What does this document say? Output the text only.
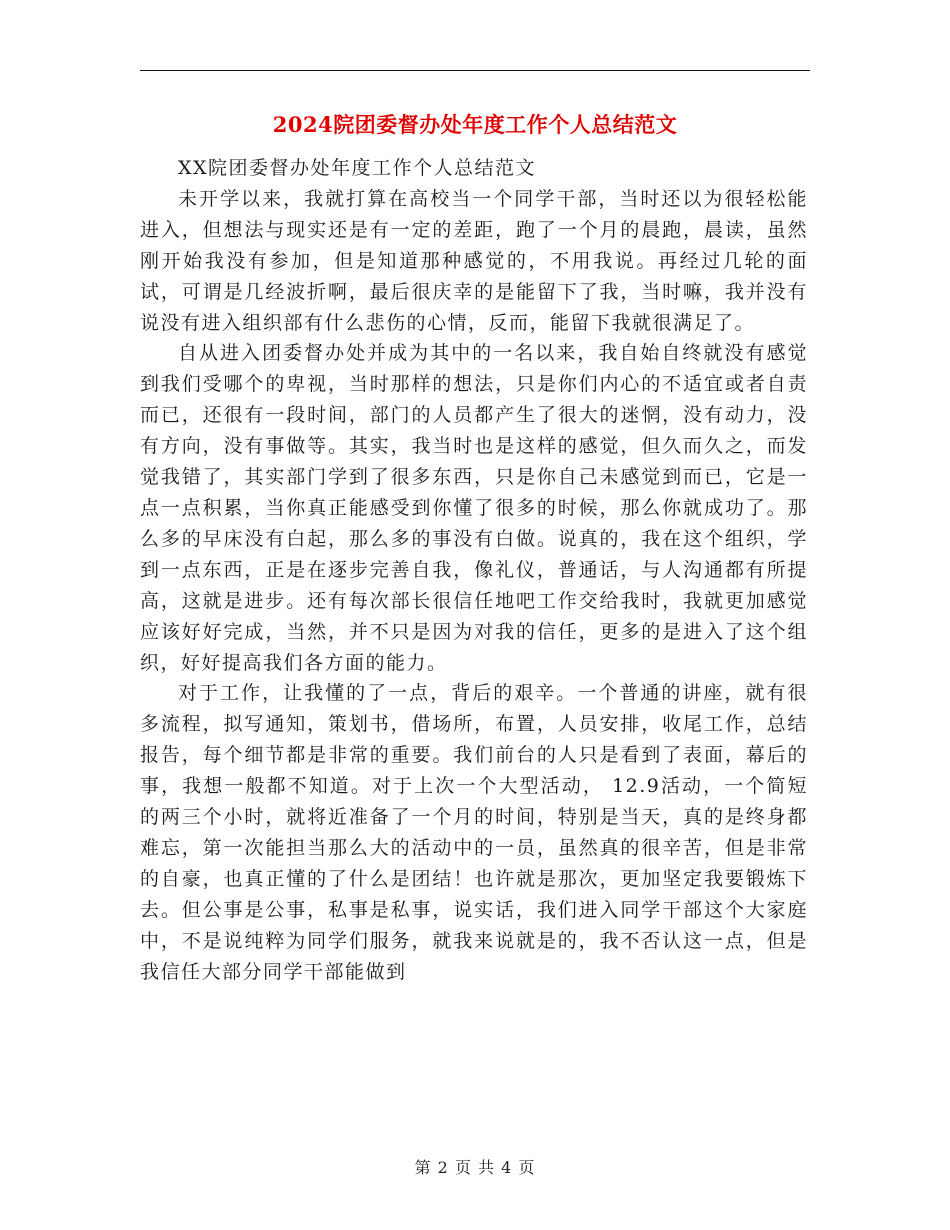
2024院团委督办处年度工作个人总结范文

XX院团委督办处年度工作个人总结范文

未开学以来，我就打算在高校当一个同学干部，当时还以为很轻松能进入，但想法与现实还是有一定的差距，跑了一个月的晨跑，晨读，虽然刚开始我没有参加，但是知道那种感觉的，不用我说。再经过几轮的面试，可谓是几经波折啊，最后很庆幸的是能留下了我，当时嘛，我并没有说没有进入组织部有什么悲伤的心情，反而，能留下我就很满足了。

自从进入团委督办处并成为其中的一名以来，我自始自终就没有感觉到我们受哪个的卑视，当时那样的想法，只是你们内心的不适宜或者自责而已，还很有一段时间，部门的人员都产生了很大的迷惘，没有动力，没有方向，没有事做等。其实，我当时也是这样的感觉，但久而久之，而发觉我错了，其实部门学到了很多东西，只是你自己未感觉到而已，它是一点一点积累，当你真正能感受到你懂了很多的时候，那么你就成功了。那么多的早床没有白起，那么多的事没有白做。说真的，我在这个组织，学到一点东西，正是在逐步完善自我，像礼仪，普通话，与人沟通都有所提高，这就是进步。还有每次部长很信任地吧工作交给我时，我就更加感觉应该好好完成，当然，并不只是因为对我的信任，更多的是进入了这个组织，好好提高我们各方面的能力。

对于工作，让我懂的了一点，背后的艰辛。一个普通的讲座，就有很多流程，拟写通知，策划书，借场所，布置，人员安排，收尾工作，总结报告，每个细节都是非常的重要。我们前台的人只是看到了表面，幕后的事，我想一般都不知道。对于上次一个大型活动， 12.9活动，一个简短的两三个小时，就将近准备了一个月的时间，特别是当天，真的是终身都难忘，第一次能担当那么大的活动中的一员，虽然真的很辛苦，但是非常的自豪，也真正懂的了什么是团结！也许就是那次，更加坚定我要锻炼下去。但公事是公事，私事是私事，说实话，我们进入同学干部这个大家庭中，不是说纯粹为同学们服务，就我来说就是的，我不否认这一点，但是我信任大部分同学干部能做到

第 2 页 共 4 页
